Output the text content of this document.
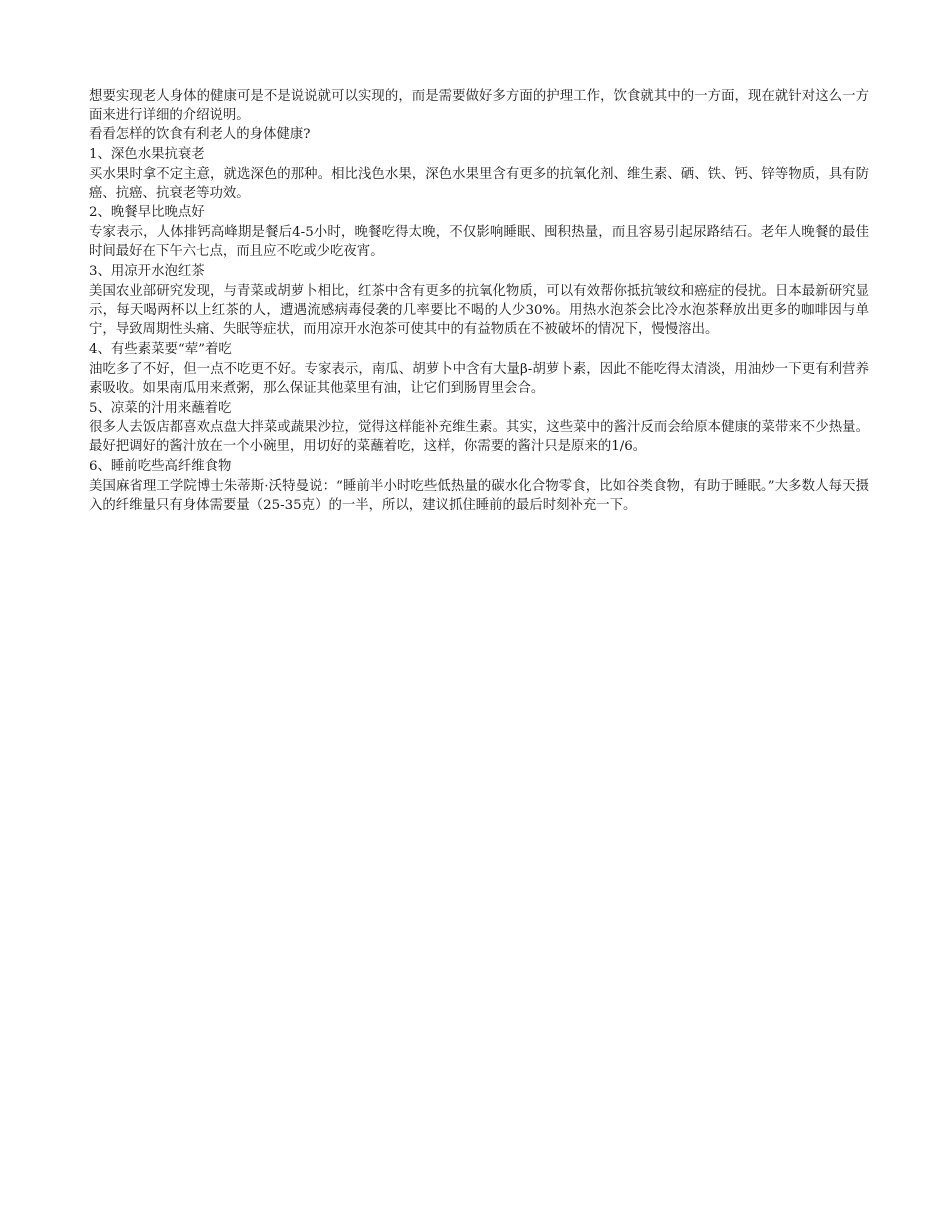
想要实现老人身体的健康可是不是说说就可以实现的，而是需要做好多方面的护理工作，饮食就其中的一方面，现在就针对这么一方面来进行详细的介绍说明。

看看怎样的饮食有利老人的身体健康?

1、深色水果抗衰老

买水果时拿不定主意，就选深色的那种。相比浅色水果，深色水果里含有更多的抗氧化剂、维生素、硒、铁、钙、锌等物质，具有防癌、抗癌、抗衰老等功效。

2、晚餐早比晚点好

专家表示，人体排钙高峰期是餐后4-5小时，晚餐吃得太晚，不仅影响睡眠、囤积热量，而且容易引起尿路结石。老年人晚餐的最佳时间最好在下午六七点，而且应不吃或少吃夜宵。

3、用凉开水泡红茶

美国农业部研究发现，与青菜或胡萝卜相比，红茶中含有更多的抗氧化物质，可以有效帮你抵抗皱纹和癌症的侵扰。日本最新研究显示，每天喝两杯以上红茶的人，遭遇流感病毒侵袭的几率要比不喝的人少30%。用热水泡茶会比冷水泡茶释放出更多的咖啡因与单宁，导致周期性头痛、失眠等症状，而用凉开水泡茶可使其中的有益物质在不被破坏的情况下，慢慢溶出。

4、有些素菜要“荤”着吃

油吃多了不好，但一点不吃更不好。专家表示，南瓜、胡萝卜中含有大量β-胡萝卜素，因此不能吃得太清淡，用油炒一下更有利营养素吸收。如果南瓜用来煮粥，那么保证其他菜里有油，让它们到肠胃里会合。

5、凉菜的汁用来蘸着吃

很多人去饭店都喜欢点盘大拌菜或蔬果沙拉，觉得这样能补充维生素。其实，这些菜中的酱汁反而会给原本健康的菜带来不少热量。最好把调好的酱汁放在一个小碗里，用切好的菜蘸着吃，这样，你需要的酱汁只是原来的1/6。

6、睡前吃些高纤维食物

美国麻省理工学院博士朱蒂斯·沃特曼说：“睡前半小时吃些低热量的碳水化合物零食，比如谷类食物，有助于睡眠。”大多数人每天摄入的纤维量只有身体需要量（25-35克）的一半，所以，建议抓住睡前的最后时刻补充一下。
